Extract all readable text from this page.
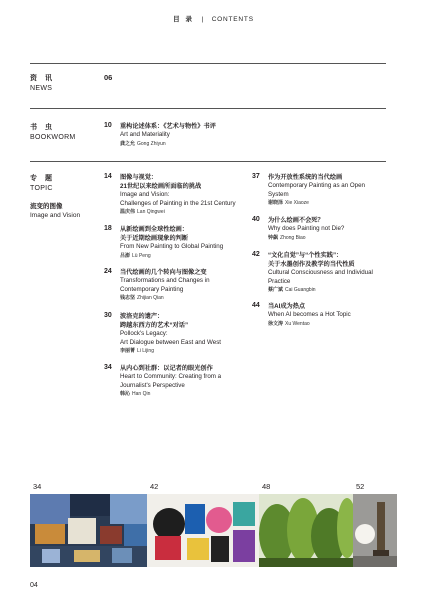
目 录 | CONTENTS
资 讯
NEWS
06
书 虫
BOOKWORM
10 重构论述体系：《艺术与物性》书评
Art and Materiality
龚之允 Gong Zhiyun
专 题
TOPIC
流变的图像
Image and Vision
14 图像与视觉：
21世纪以来绘画所面临的挑战
Image and Vision:
Challenges of Painting in the 21st Century
温庆伟 Lan Qingwei
18 从新绘画到全球性绘画：
关于近期绘画现象的判断
From New Painting to Global Painting
吕澎 Lü Peng
24 当代绘画的几个转向与图像之变
Transformations and Changes in
Contemporary Painting
钱志坚 Zhijian Qian
30 波洛克的遗产：
跨越东西方的艺术“对话”
Pollock's Legacy:
Art Dialogue between East and West
李丽菁 Li Lijing
34 从内心到社群：以记者的眼光创作
Heart to Community: Creating from a
Journalist's Perspective
韩沁 Han Qin
37 作为开放性系统的当代绘画
Contemporary Painting as an Open
System
谢晓泽 Xie Xiaoze
40 为什么绘画不会死？
Why does Painting not Die?
钟飙 Zhong Biao
42 “文化自觉”与“个性实践”：
关于水墨创作及教学的当代性质
Cultural Consciousness and Individual
Practice
蔡广斌 Cai Guangbin
44 当AI成为热点
When AI becomes a Hot Topic
徐文涛 Xu Wentao
34	42	48	52
04
